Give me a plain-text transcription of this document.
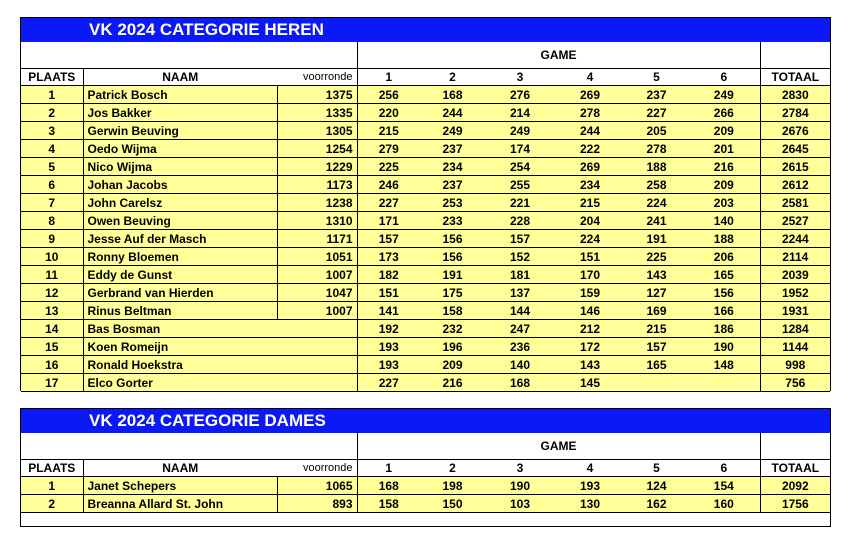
VK 2024 CATEGORIE HEREN
			GAME						
PLAATS	NAAM	voorronde	1	2	3	4	5	6	TOTAAL
1	Patrick Bosch	1375	256	168	276	269	237	249	2830
2	Jos Bakker	1335	220	244	214	278	227	266	2784
3	Gerwin Beuving	1305	215	249	249	244	205	209	2676
4	Oedo Wijma	1254	279	237	174	222	278	201	2645
5	Nico Wijma	1229	225	234	254	269	188	216	2615
6	Johan Jacobs	1173	246	237	255	234	258	209	2612
7	John Carelsz	1238	227	253	221	215	224	203	2581
8	Owen Beuving	1310	171	233	228	204	241	140	2527
9	Jesse Auf der Masch	1171	157	156	157	224	191	188	2244
10	Ronny Bloemen	1051	173	156	152	151	225	206	2114
11	Eddy de Gunst	1007	182	191	181	170	143	165	2039
12	Gerbrand van Hierden	1047	151	175	137	159	127	156	1952
13	Rinus Beltman	1007	141	158	144	146	169	166	1931
14	Bas Bosman		192	232	247	212	215	186	1284
15	Koen Romeijn		193	196	236	172	157	190	1144
16	Ronald Hoekstra		193	209	140	143	165	148	998
17	Elco Gorter		227	216	168	145			756

VK 2024 CATEGORIE DAMES
			GAME						
PLAATS	NAAM	voorronde	1	2	3	4	5	6	TOTAAL
1	Janet Schepers	1065	168	198	190	193	124	154	2092
2	Breanna Allard St. John	893	158	150	103	130	162	160	1756
